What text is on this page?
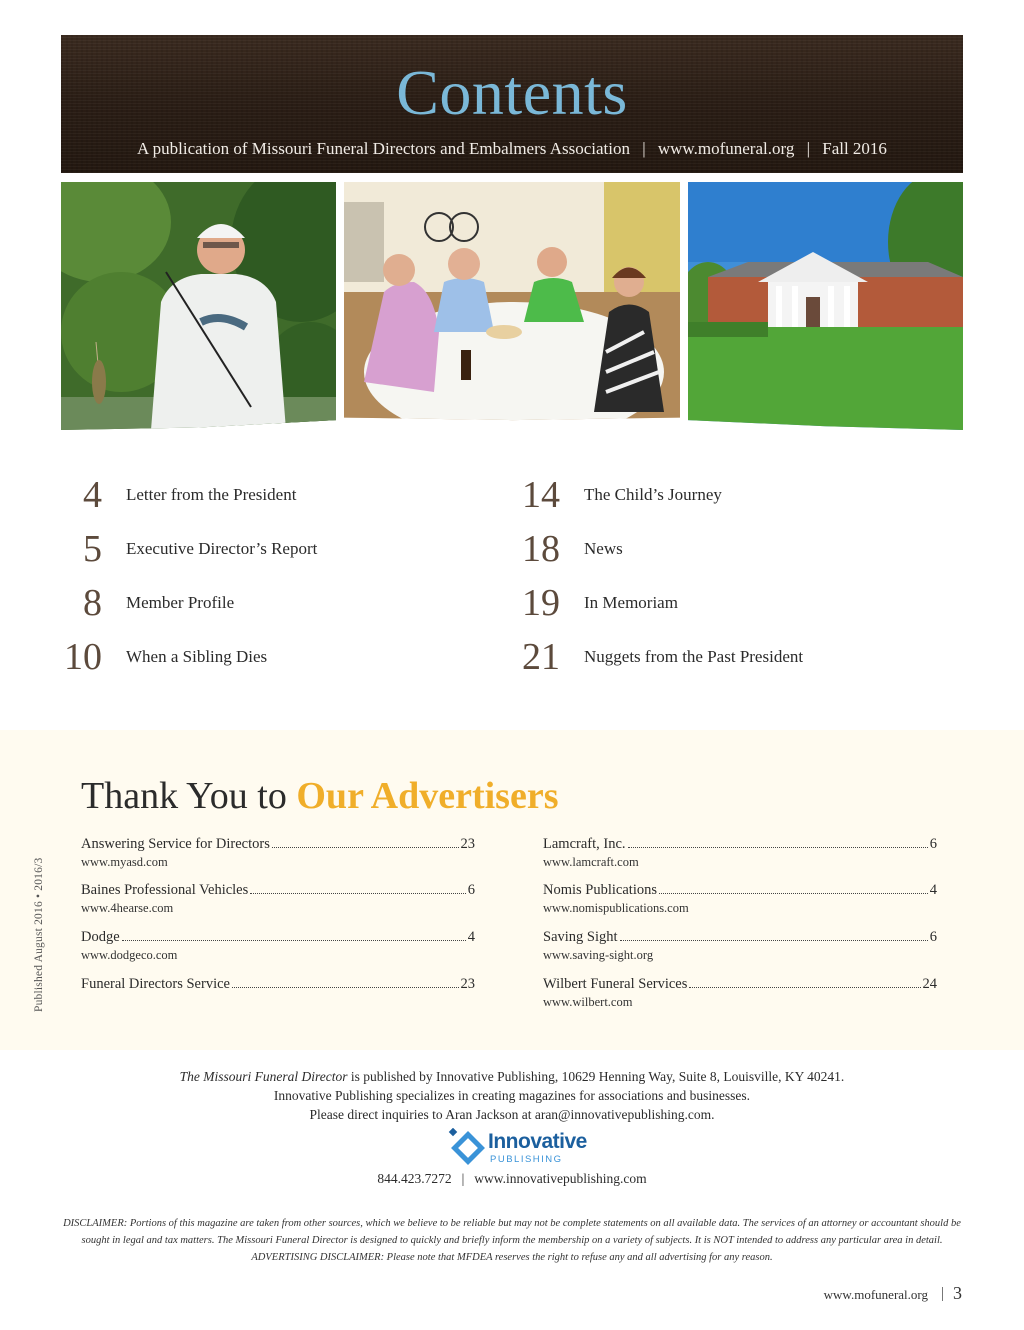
Contents
A publication of Missouri Funeral Directors and Embalmers Association | www.mofuneral.org | Fall 2016
4 Letter from the President
5 Executive Director’s Report
8 Member Profile
10 When a Sibling Dies
14 The Child’s Journey
18 News
19 In Memoriam
21 Nuggets from the Past President
Thank You to Our Advertisers
Published August 2016 • 2016/3
Answering Service for Directors	23
www.myasd.com
Baines Professional Vehicles	6
www.4hearse.com
Dodge	4
www.dodgeco.com
Funeral Directors Service	23
Lamcraft, Inc.	6
www.lamcraft.com
Nomis Publications	4
www.nomispublications.com
Saving Sight	6
www.saving-sight.org
Wilbert Funeral Services	24
www.wilbert.com
The Missouri Funeral Director is published by Innovative Publishing, 10629 Henning Way, Suite 8, Louisville, KY 40241.
Innovative Publishing specializes in creating magazines for associations and businesses.
Please direct inquiries to Aran Jackson at aran@innovativepublishing.com.
Innovative
PUBLISHING
844.423.7272 | www.innovativepublishing.com
DISCLAIMER: Portions of this magazine are taken from other sources, which we believe to be reliable but may not be complete statements on all available data. The services of an attorney or accountant should be sought in legal and tax matters. The Missouri Funeral Director is designed to quickly and briefly inform the membership on a variety of subjects. It is NOT intended to address any particular area in detail. ADVERTISING DISCLAIMER: Please note that MFDEA reserves the right to refuse any and all advertising for any reason.
www.mofuneral.org 3
